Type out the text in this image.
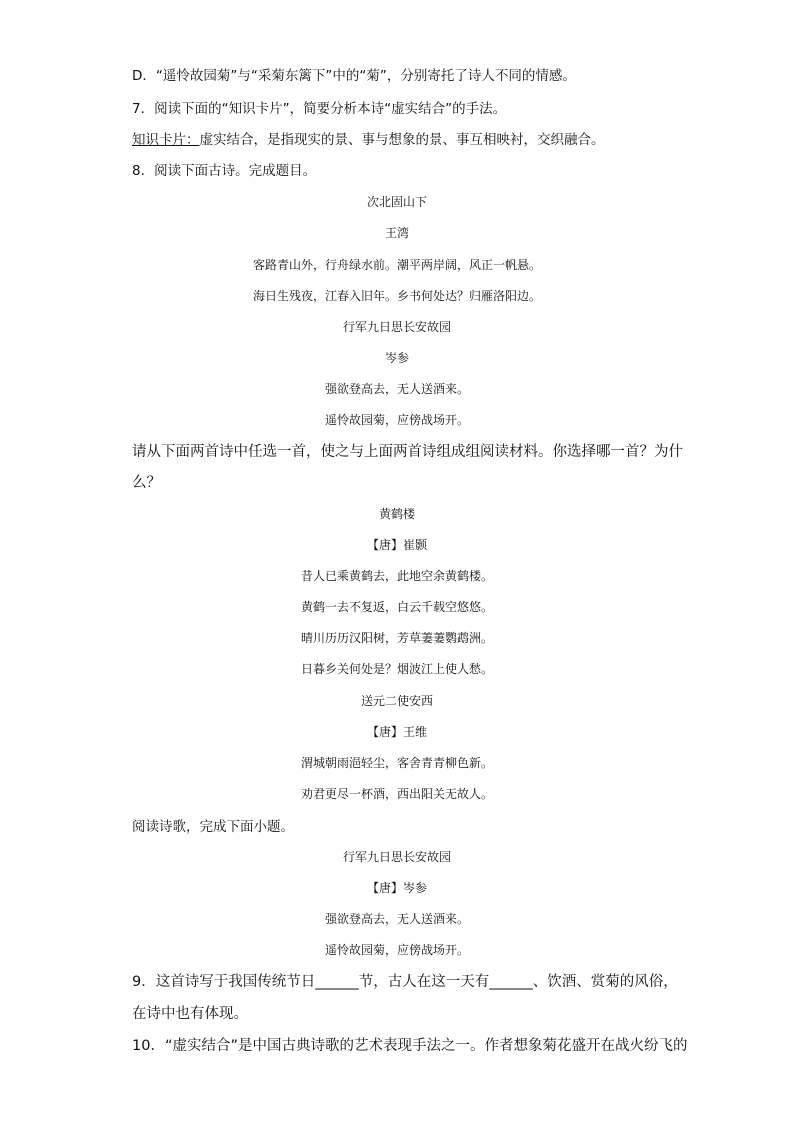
D．“遥怜故园菊”与“采菊东篱下”中的“菊”，分别寄托了诗人不同的情感。
7．阅读下面的“知识卡片”，简要分析本诗“虚实结合”的手法。
知识卡片：虚实结合，是指现实的景、事与想象的景、事互相映衬，交织融合。
8．阅读下面古诗。完成题目。
次北固山下
王湾
客路青山外，行舟绿水前。潮平两岸阔，风正一帆悬。
海日生残夜，江春入旧年。乡书何处达？归雁洛阳边。
行军九日思长安故园
岑参
强欲登高去，无人送酒来。
遥怜故园菊，应傍战场开。
请从下面两首诗中任选一首，使之与上面两首诗组成组阅读材料。你选择哪一首？为什
么？
黄鹤楼
【唐】崔颢
昔人已乘黄鹤去，此地空余黄鹤楼。
黄鹤一去不复返，白云千载空悠悠。
晴川历历汉阳树，芳草萋萋鹦鹉洲。
日暮乡关何处是？烟波江上使人愁。
送元二使安西
【唐】王维
渭城朝雨浥轻尘，客舍青青柳色新。
劝君更尽一杯酒，西出阳关无故人。
阅读诗歌，完成下面小题。
行军九日思长安故园
【唐】岑参
强欲登高去，无人送酒来。
遥怜故园菊，应傍战场开。
9．这首诗写于我国传统节日______节，古人在这一天有______、饮酒、赏菊的风俗，
在诗中也有体现。
10．“虚实结合”是中国古典诗歌的艺术表现手法之一。作者想象菊花盛开在战火纷飞的
